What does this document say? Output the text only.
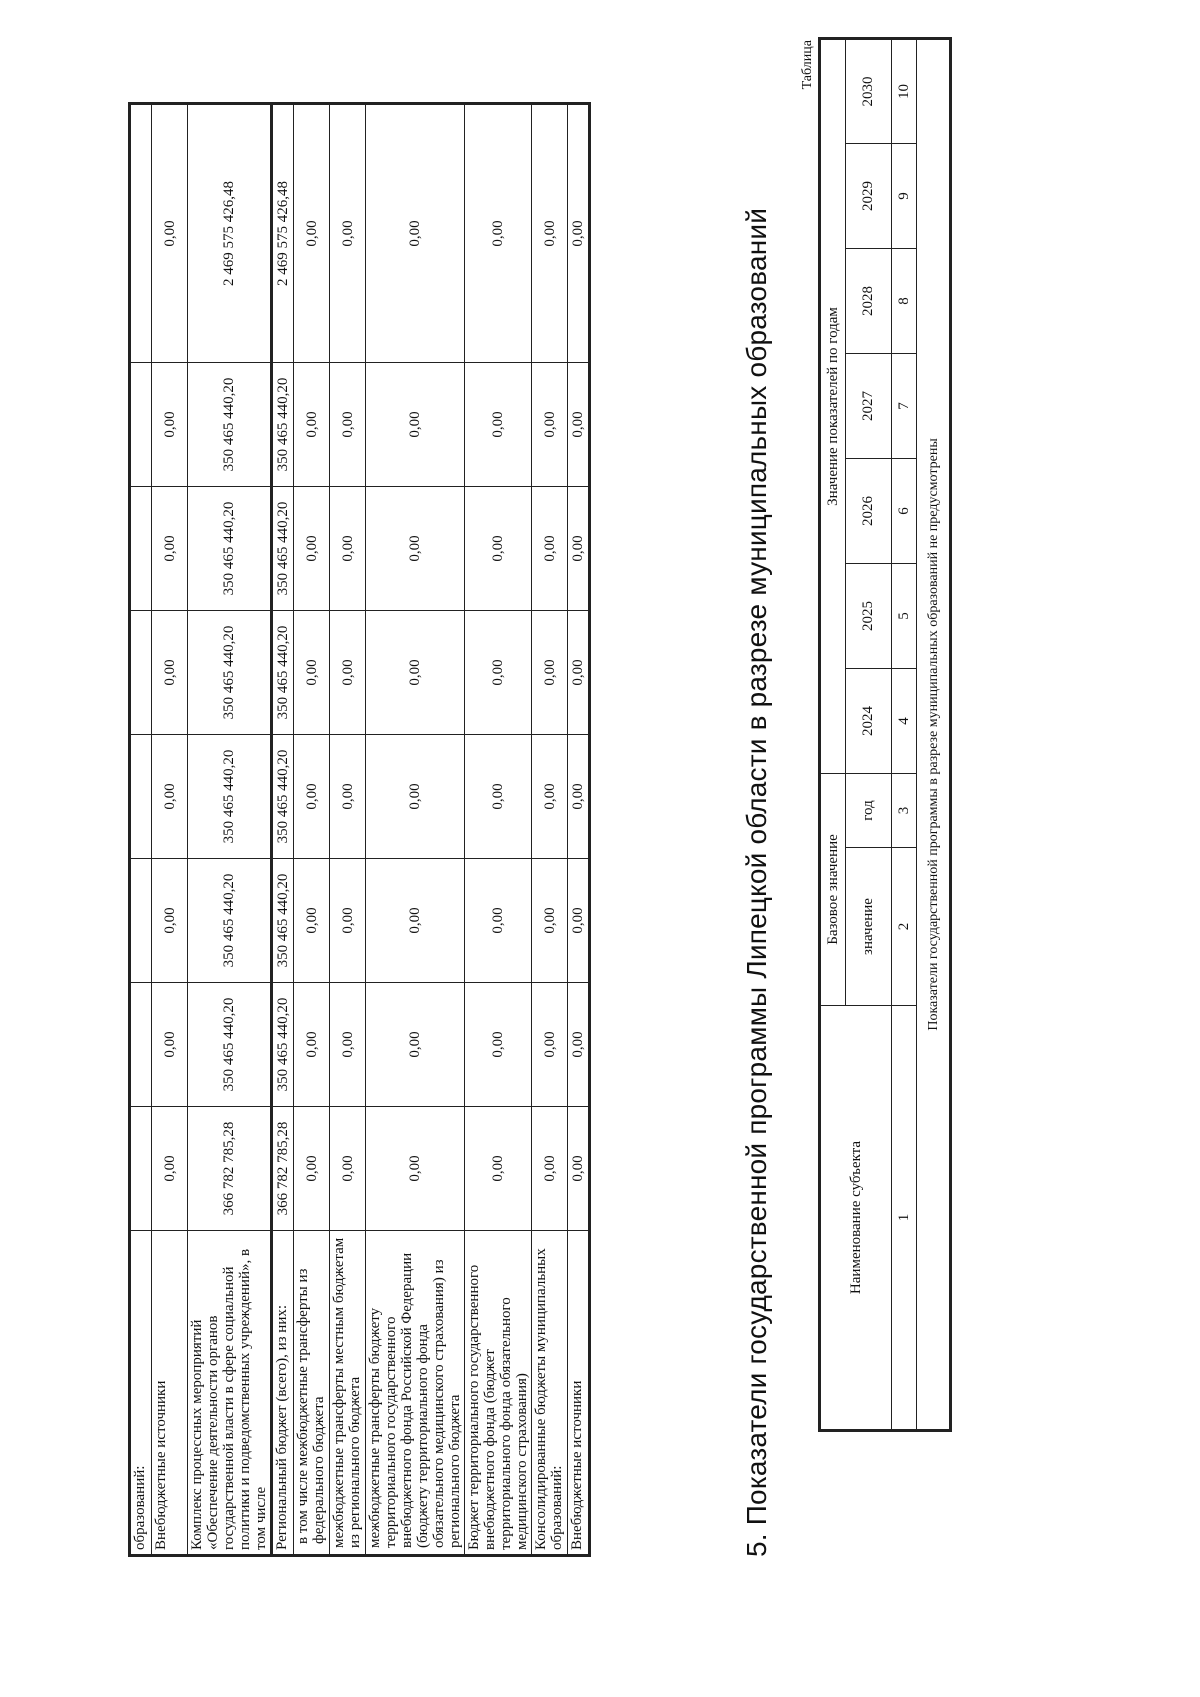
образований:								
Внебюджетные источники	0,00	0,00	0,00	0,00	0,00	0,00	0,00	0,00
Комплекс процессных мероприятий «Обеспечение деятельности органов государственной власти в сфере социальной политики и подведомственных учреждений», в том числе	366 782 785,28	350 465 440,20	350 465 440,20	350 465 440,20	350 465 440,20	350 465 440,20	350 465 440,20	2 469 575 426,48
Региональный бюджет (всего), из них:	366 782 785,28	350 465 440,20	350 465 440,20	350 465 440,20	350 465 440,20	350 465 440,20	350 465 440,20	2 469 575 426,48
в том числе межбюджетные трансферты из федерального бюджета	0,00	0,00	0,00	0,00	0,00	0,00	0,00	0,00
межбюджетные трансферты местным бюджетам из регионального бюджета	0,00	0,00	0,00	0,00	0,00	0,00	0,00	0,00
межбюджетные трансферты бюджету территориального государственного внебюджетного фонда Российской Федерации (бюджету территориального фонда обязательного медицинского страхования) из регионального бюджета	0,00	0,00	0,00	0,00	0,00	0,00	0,00	0,00
Бюджет территориального государственного внебюджетного фонда (бюджет территориального фонда обязательного медицинского страхования)	0,00	0,00	0,00	0,00	0,00	0,00	0,00	0,00
Консолидированные бюджеты муниципальных образований:	0,00	0,00	0,00	0,00	0,00	0,00	0,00	0,00
Внебюджетные источники	0,00	0,00	0,00	0,00	0,00	0,00	0,00	0,00	5. Показатели государственной программы Липецкой области в разрезе муниципальных образований
Таблица
Наименование субъекта	Базовое значение		Значение показателей по годам						
	значение	год	2024	2025	2026	2027	2028	2029	2030
1	2	3	4	5	6	7	8	9	10
Показатели государственной программы в разрезе муниципальных образований не предусмотрены									
